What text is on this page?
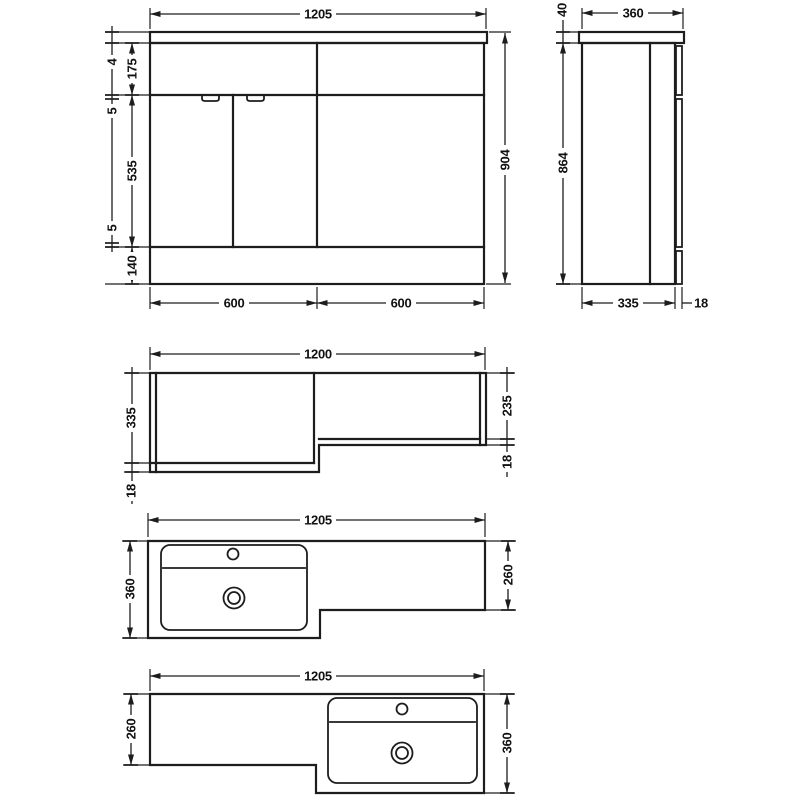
1205
904
600	600
4
5
5
175
535
140
360
40
864
335	18
1200
335
18
235
18
1205
360
260
1205
260
360
